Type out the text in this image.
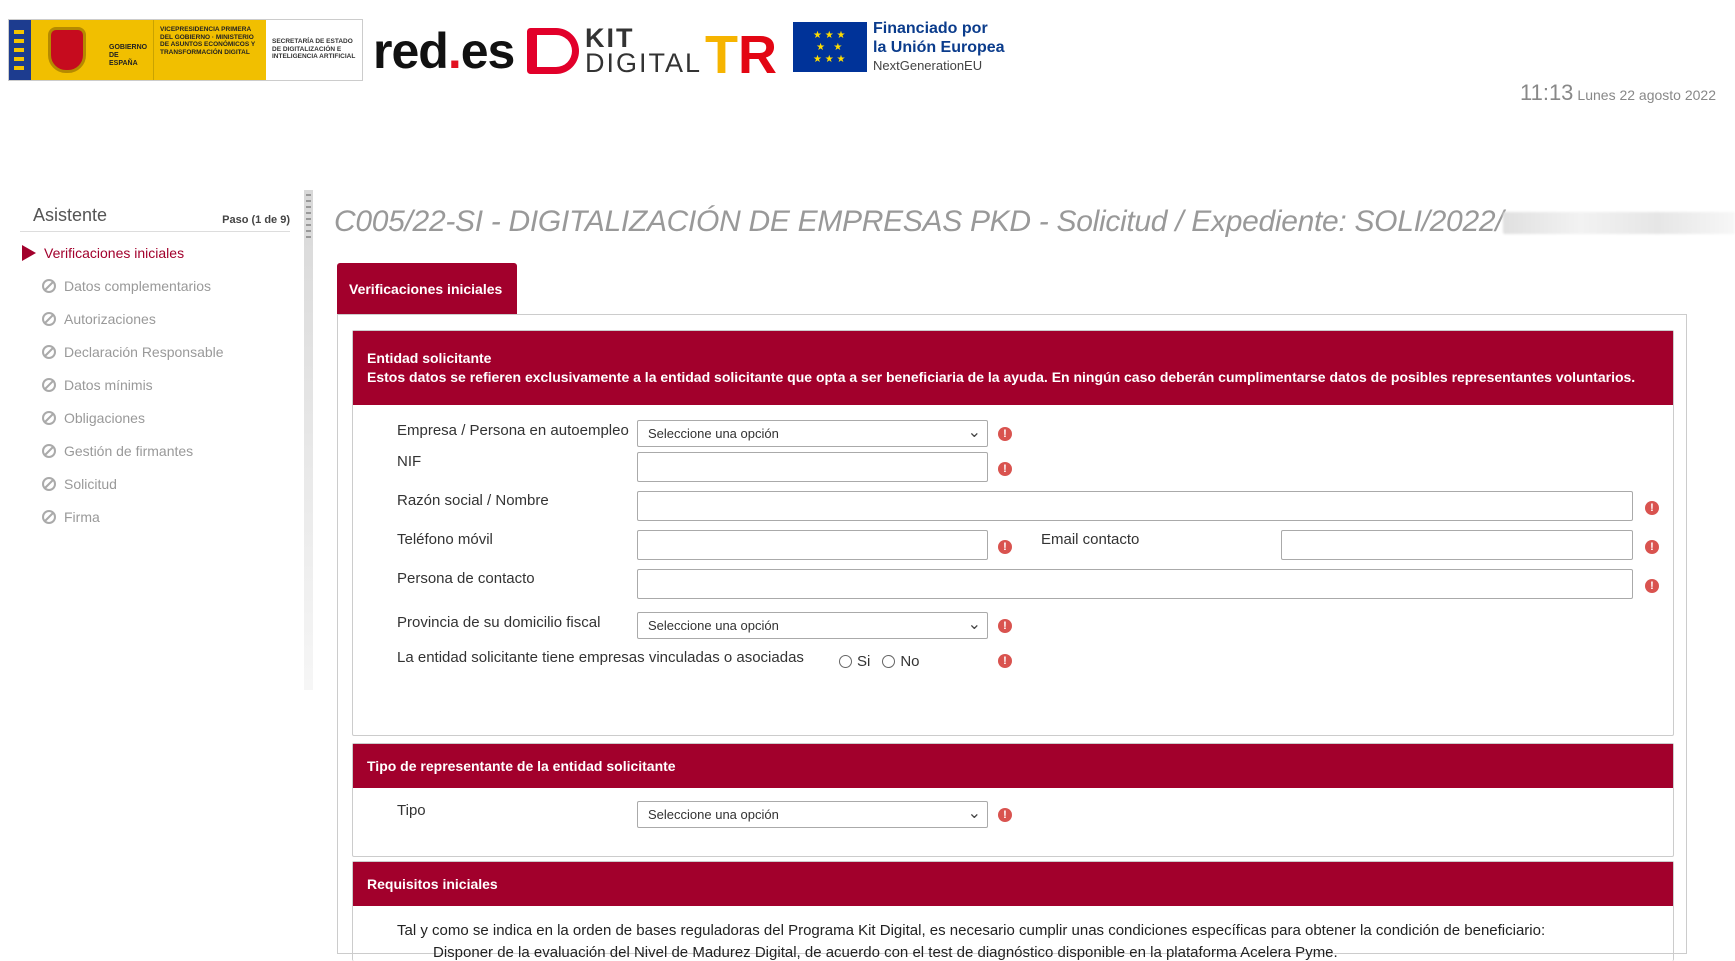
GOBIERNO DE ESPAÑA
VICEPRESIDENCIA PRIMERA DEL GOBIERNO · MINISTERIO DE ASUNTOS ECONÓMICOS Y TRANSFORMACIÓN DIGITAL
SECRETARÍA DE ESTADO DE DIGITALIZACIÓN E INTELIGENCIA ARTIFICIAL red.es	KIT
DIGITAL TR
★ ★ ★ ★ ★ ★ ★ ★	Financiado por
la Unión Europea
NextGenerationEU
11:13 Lunes 22 agosto 2022
Asistente	Paso (1 de 9)
Verificaciones iniciales
Datos complementarios
Autorizaciones
Declaración Responsable
Datos mínimis
Obligaciones
Gestión de firmantes
Solicitud
Firma
C005/22-SI - DIGITALIZACIÓN DE EMPRESAS PKD - Solicitud / Expediente: SOLI/2022/
Verificaciones iniciales
Entidad solicitante
Estos datos se refieren exclusivamente a la entidad solicitante que opta a ser beneficiaria de la ayuda. En ningún caso deberán cumplimentarse datos de posibles representantes voluntarios.
Empresa / Persona en autoempleo	Seleccione una opción ⌄	!
NIF	!
Razón social / Nombre	!
Teléfono móvil	!	Email contacto	!
Persona de contacto	!
Provincia de su domicilio fiscal	Seleccione una opción ⌄	!
La entidad solicitante tiene empresas vinculadas o asociadas	Si No	!
Tipo de representante de la entidad solicitante
Tipo	Seleccione una opción ⌄	!
Requisitos iniciales
Tal y como se indica en la orden de bases reguladoras del Programa Kit Digital, es necesario cumplir unas condiciones específicas para obtener la condición de beneficiario:
Disponer de la evaluación del Nivel de Madurez Digital, de acuerdo con el test de diagnóstico disponible en la plataforma Acelera Pyme.
